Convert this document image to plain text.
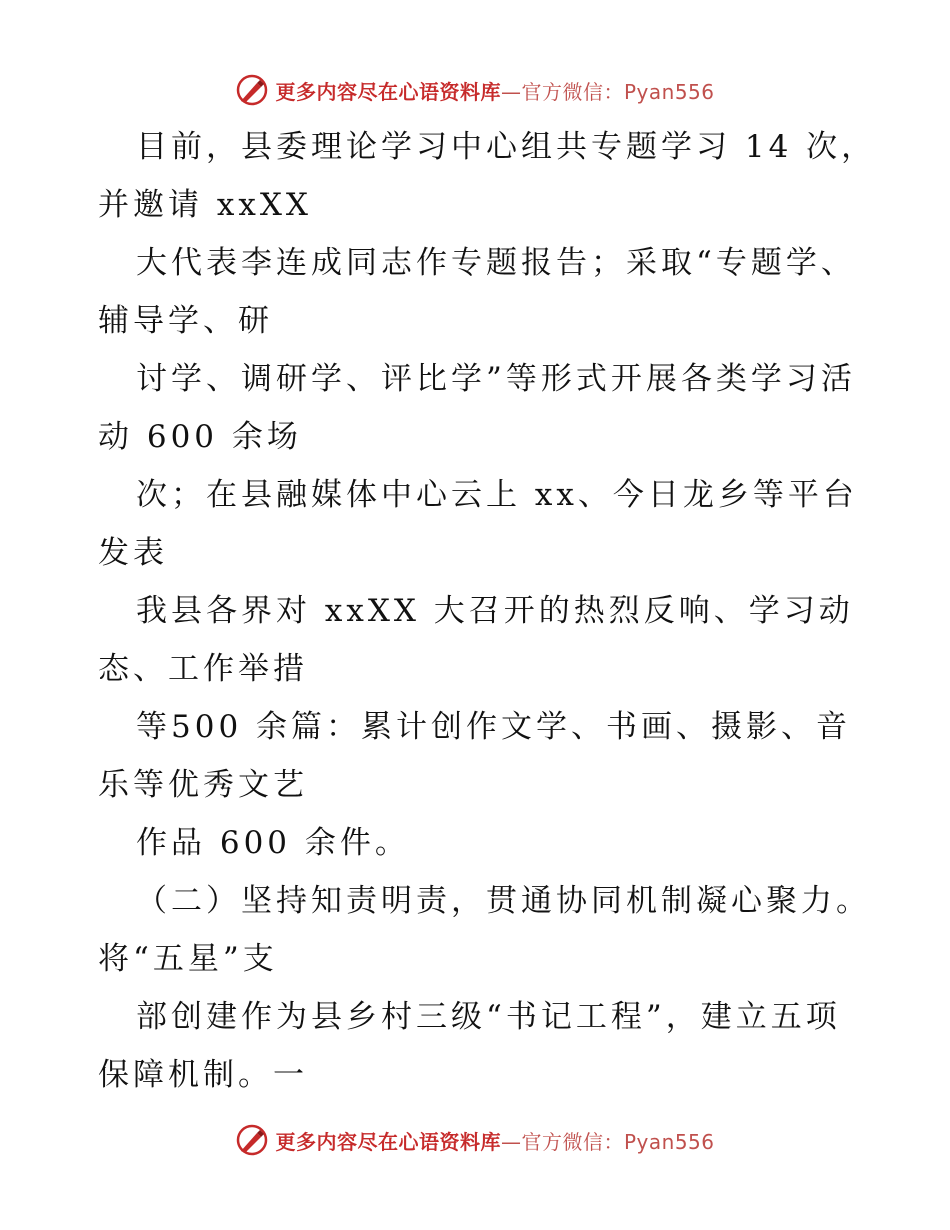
更多内容尽在心语资料库—官方微信：Pyan556
目前，县委理论学习中心组共专题学习 14 次，
并邀请 xxXX
大代表李连成同志作专题报告；采取“专题学、
辅导学、研
讨学、调研学、评比学”等形式开展各类学习活
动 600 余场
次；在县融媒体中心云上 xx、今日龙乡等平台
发表
我县各界对 xxXX 大召开的热烈反响、学习动
态、工作举措
等500 余篇：累计创作文学、书画、摄影、音
乐等优秀文艺
作品 600 余件。
（二）坚持知责明责，贯通协同机制凝心聚力。
将“五星”支
部创建作为县乡村三级“书记工程”，建立五项
保障机制。一
更多内容尽在心语资料库—官方微信：Pyan556
